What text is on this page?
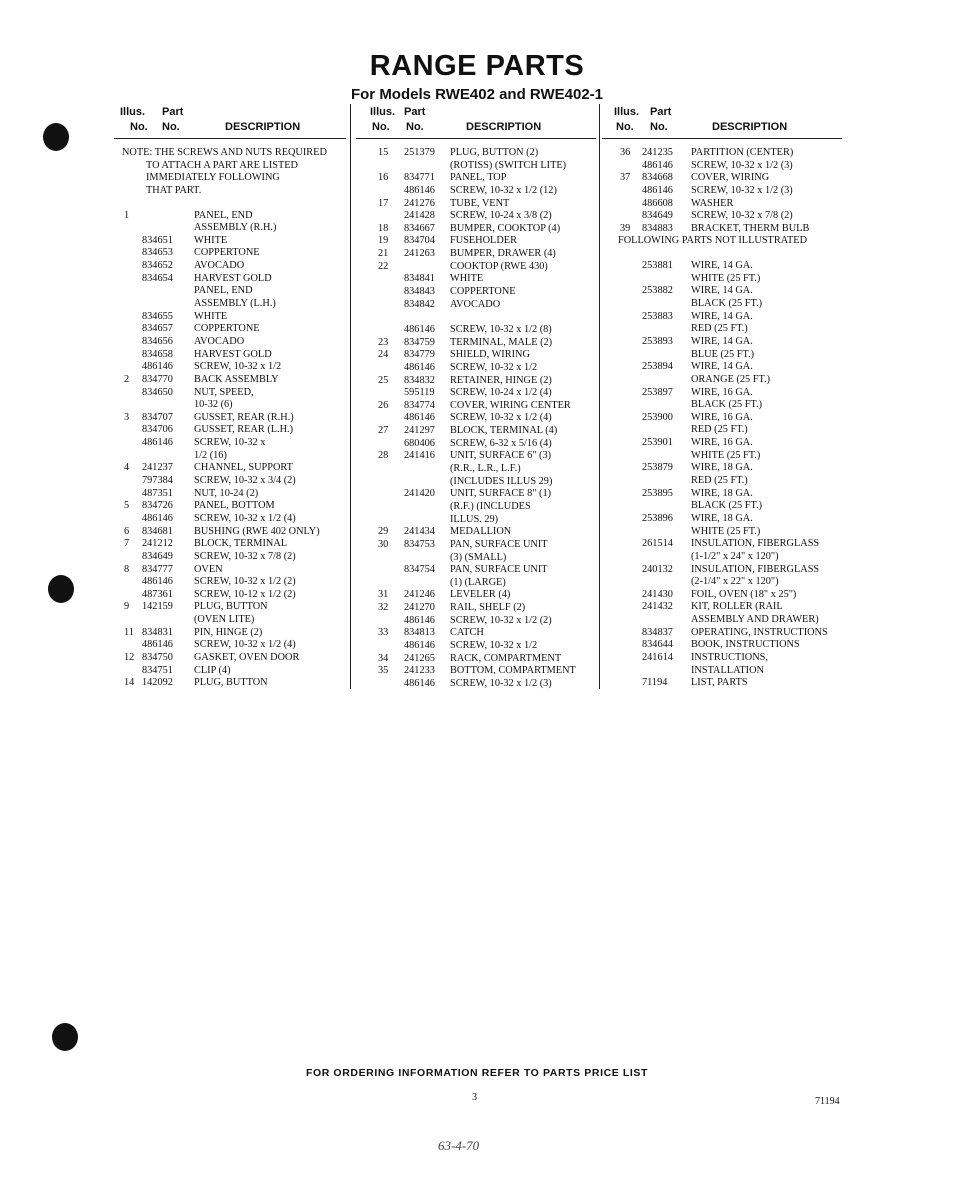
RANGE PARTS
For Models RWE402 and RWE402-1
Illus. Part
No. No.	DESCRIPTION
NOTE: THE SCREWS AND NUTS REQUIRED
TO ATTACH A PART ARE LISTED
IMMEDIATELY FOLLOWING
THAT PART.
1	PANEL, END
ASSEMBLY (R.H.)
834651 WHITE
834653 COPPERTONE
834652 AVOCADO
834654 HARVEST GOLD
PANEL, END
ASSEMBLY (L.H.)
834655 WHITE
834657 COPPERTONE
834656 AVOCADO
834658 HARVEST GOLD
486146 SCREW, 10-32 x 1/2
2 834770 BACK ASSEMBLY
834650 NUT, SPEED,
10-32 (6)
3 834707 GUSSET, REAR (R.H.)
834706 GUSSET, REAR (L.H.)
486146 SCREW, 10-32 x
1/2 (16)
4 241237 CHANNEL, SUPPORT
797384 SCREW, 10-32 x 3/4 (2)
487351 NUT, 10-24 (2)
5 834726 PANEL, BOTTOM
486146 SCREW, 10-32 x 1/2 (4)
6 834681 BUSHING (RWE 402 ONLY)
7 241212 BLOCK, TERMINAL
834649 SCREW, 10-32 x 7/8 (2)
8 834777 OVEN
486146 SCREW, 10-32 x 1/2 (2)
487361 SCREW, 10-12 x 1/2 (2)
9 142159 PLUG, BUTTON
(OVEN LITE)
11 834831 PIN, HINGE (2)
486146 SCREW, 10-32 x 1/2 (4)
12 834750 GASKET, OVEN DOOR
834751 CLIP (4)
14 142092 PLUG, BUTTON
Illus. Part
No. No.	DESCRIPTION
15 251379 PLUG, BUTTON (2)
(ROTISS) (SWITCH LITE)
16 834771 PANEL, TOP
486146 SCREW, 10-32 x 1/2 (12)
17 241276 TUBE, VENT
241428 SCREW, 10-24 x 3/8 (2)
18 834667 BUMPER, COOKTOP (4)
19 834704 FUSEHOLDER
21 241263 BUMPER, DRAWER (4)
22	COOKTOP (RWE 430)
834841 WHITE
834843 COPPERTONE
834842 AVOCADO
486146 SCREW, 10-32 x 1/2 (8)
23 834759 TERMINAL, MALE (2)
24 834779 SHIELD, WIRING
486146 SCREW, 10-32 x 1/2
25 834832 RETAINER, HINGE (2)
595119 SCREW, 10-24 x 1/2 (4)
26 834774 COVER, WIRING CENTER
486146 SCREW, 10-32 x 1/2 (4)
27 241297 BLOCK, TERMINAL (4)
680406 SCREW, 6-32 x 5/16 (4)
28 241416 UNIT, SURFACE 6" (3)
(R.R., L.R., L.F.)
(INCLUDES ILLUS 29)
241420 UNIT, SURFACE 8" (1)
(R.F.) (INCLUDES
ILLUS. 29)
29 241434 MEDALLION
30 834753 PAN, SURFACE UNIT
(3) (SMALL)
834754 PAN, SURFACE UNIT
(1) (LARGE)
31 241246 LEVELER (4)
32 241270 RAIL, SHELF (2)
486146 SCREW, 10-32 x 1/2 (2)
33 834813 CATCH
486146 SCREW, 10-32 x 1/2
34 241265 RACK, COMPARTMENT
35 241233 BOTTOM, COMPARTMENT
486146 SCREW, 10-32 x 1/2 (3)
Illus. Part
No. No.	DESCRIPTION
36 241235 PARTITION (CENTER)
486146 SCREW, 10-32 x 1/2 (3)
37 834668 COVER, WIRING
486146 SCREW, 10-32 x 1/2 (3)
486608 WASHER
834649 SCREW, 10-32 x 7/8 (2)
39 834883 BRACKET, THERM BULB
FOLLOWING PARTS NOT ILLUSTRATED
253881 WIRE, 14 GA.
WHITE (25 FT.)
253882 WIRE, 14 GA.
BLACK (25 FT.)
253883 WIRE, 14 GA.
RED (25 FT.)
253893 WIRE, 14 GA.
BLUE (25 FT.)
253894 WIRE, 14 GA.
ORANGE (25 FT.)
253897 WIRE, 16 GA.
BLACK (25 FT.)
253900 WIRE, 16 GA.
RED (25 FT.)
253901 WIRE, 16 GA.
WHITE (25 FT.)
253879 WIRE, 18 GA.
RED (25 FT.)
253895 WIRE, 18 GA.
BLACK (25 FT.)
253896 WIRE, 18 GA.
WHITE (25 FT.)
261514 INSULATION, FIBERGLASS
(1-1/2" x 24" x 120")
240132 INSULATION, FIBERGLASS
(2-1/4" x 22" x 120")
241430 FOIL, OVEN (18" x 25")
241432 KIT, ROLLER (RAIL
ASSEMBLY AND DRAWER)
834837 OPERATING, INSTRUCTIONS
834644 BOOK, INSTRUCTIONS
241614 INSTRUCTIONS,
INSTALLATION
71194 LIST, PARTS
FOR ORDERING INFORMATION REFER TO PARTS PRICE LIST
3	71194
63-4-70
